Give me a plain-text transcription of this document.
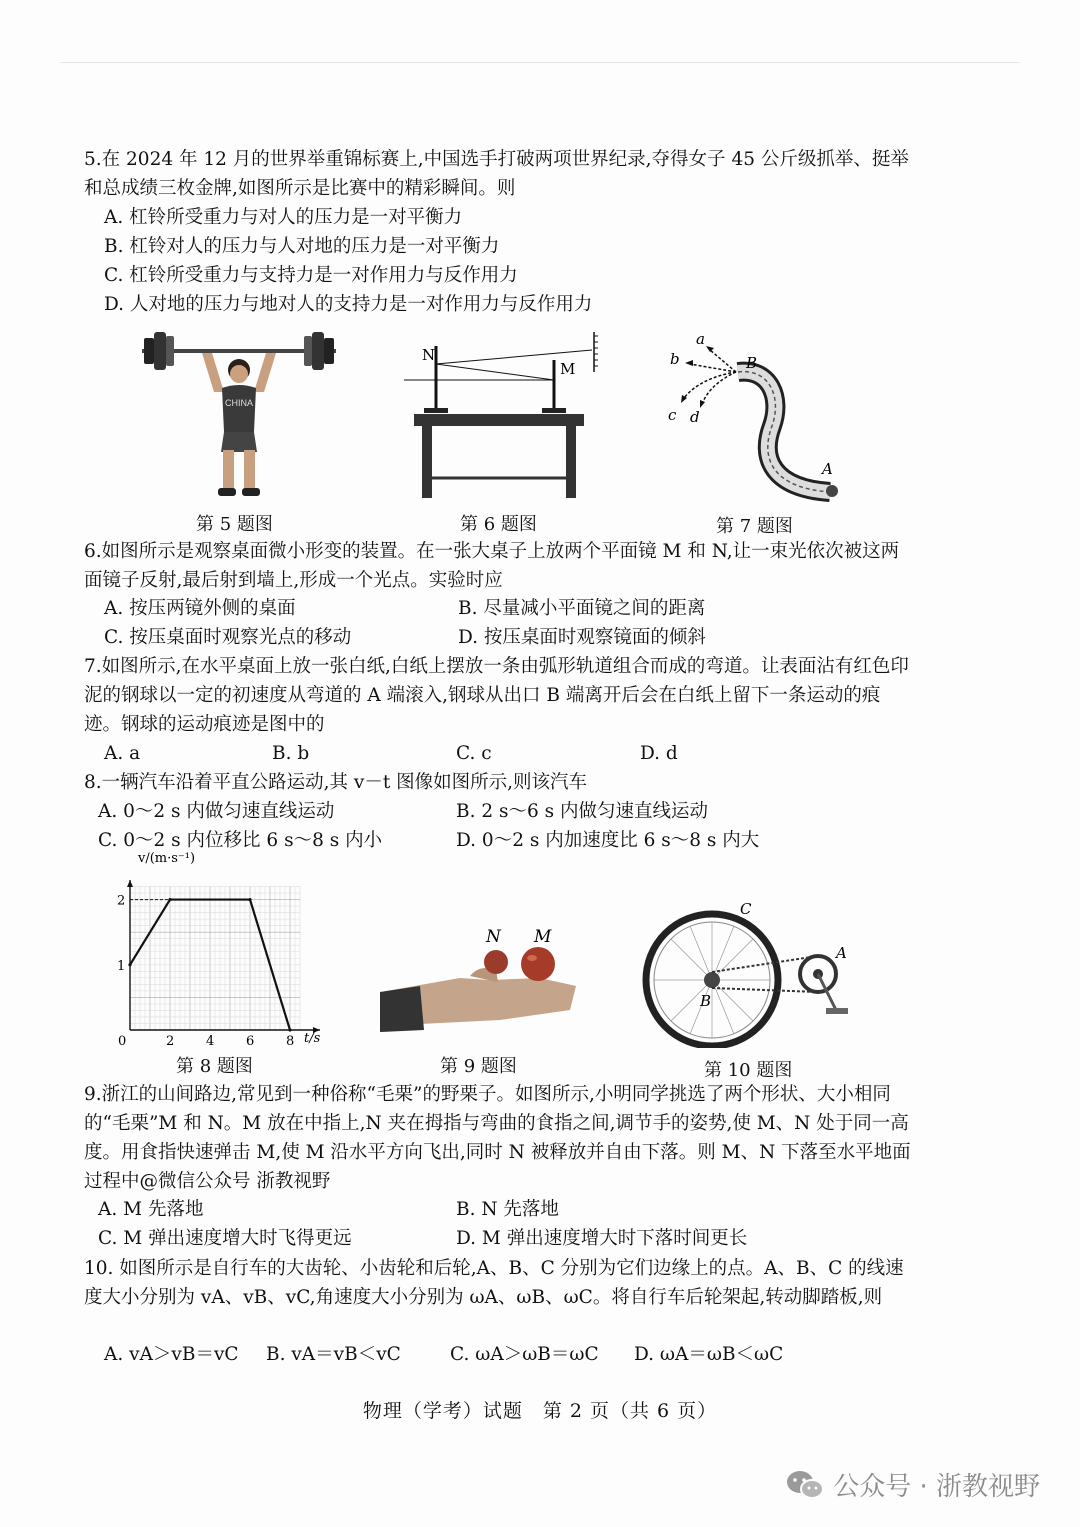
5.在 2024 年 12 月的世界举重锦标赛上,中国选手打破两项世界纪录,夺得女子 45 公斤级抓举、挺举和总成绩三枚金牌,如图所示是比赛中的精彩瞬间。则
A. 杠铃所受重力与对人的压力是一对平衡力
B. 杠铃对人的压力与人对地的压力是一对平衡力
C. 杠铃所受重力与支持力是一对作用力与反作用力
D. 人对地的压力与地对人的支持力是一对作用力与反作用力
CHINA
第 5 题图
N
M
第 6 题图
a
b
c d
B
A
第 7 题图
6.如图所示是观察桌面微小形变的装置。在一张大桌子上放两个平面镜 M 和 N,让一束光依次被这两面镜子反射,最后射到墙上,形成一个光点。实验时应
A. 按压两镜外侧的桌面	B. 尽量减小平面镜之间的距离
C. 按压桌面时观察光点的移动	D. 按压桌面时观察镜面的倾斜
7.如图所示,在水平桌面上放一张白纸,白纸上摆放一条由弧形轨道组合而成的弯道。让表面沾有红色印泥的钢球以一定的初速度从弯道的 A 端滚入,钢球从出口 B 端离开后会在白纸上留下一条运动的痕迹。钢球的运动痕迹是图中的
A. a	B. b	C. c	D. d
8.一辆汽车沿着平直公路运动,其 v－t 图像如图所示,则该汽车
A. 0～2 s 内做匀速直线运动	B. 2 s～6 s 内做匀速直线运动
C. 0～2 s 内位移比 6 s～8 s 内小	D. 0～2 s 内加速度比 6 s～8 s 内大
0	2 4 6 8
1
2
v/(m·s⁻¹)
t/s
第 8 题图
N M
第 9 题图
C
A
B
第 10 题图
9.浙江的山间路边,常见到一种俗称“毛栗”的野栗子。如图所示,小明同学挑选了两个形状、大小相同的“毛栗”M 和 N。M 放在中指上,N 夹在拇指与弯曲的食指之间,调节手的姿势,使 M、N 处于同一高度。用食指快速弹击 M,使 M 沿水平方向飞出,同时 N 被释放并自由下落。则 M、N 下落至水平地面过程中@微信公众号 浙教视野
A. M 先落地	B. N 先落地
C. M 弹出速度增大时飞得更远	D. M 弹出速度增大时下落时间更长
10. 如图所示是自行车的大齿轮、小齿轮和后轮,A、B、C 分别为它们边缘上的点。A、B、C 的线速度大小分别为 vA、vB、vC,角速度大小分别为 ωA、ωB、ωC。将自行车后轮架起,转动脚踏板,则
A. vA＞vB＝vC B. vA＝vB＜vC	C. ωA＞ωB＝ωC D. ωA＝ωB＜ωC
物理（学考）试题　第 2 页（共 6 页）
公众号 · 浙教视野
